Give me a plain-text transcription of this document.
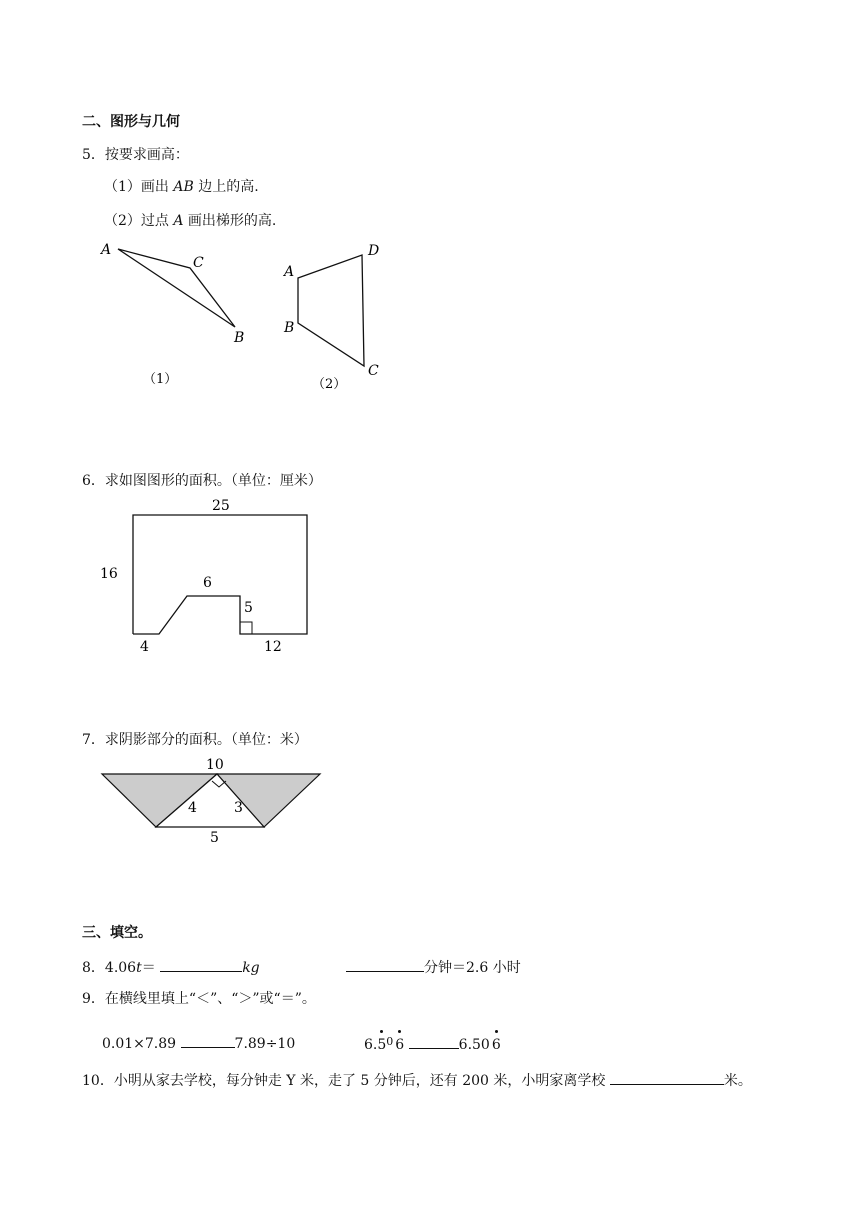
二、图形与几何
5．按要求画高：
（1）画出 AB 边上的高.
（2）过点 A 画出梯形的高.
A
C
B
（1）
A
D
B
C
（2）
6．求如图图形的面积。（单位：厘米）
25
16
6
5
4	12
7．求阴影部分的面积。（单位：米）
10
4	3
5
三、填空。
8．4.06t＝	kg	分钟＝2.6 小时
9．在横线里填上“＜”、“＞”或“＝”。
0.01×7.89	7.89÷10	6.
$5^0$ 6	6.50 6
10．小明从家去学校，每分钟走 Y 米，走了 5 分钟后，还有 200 米，小明家离学校	米。
